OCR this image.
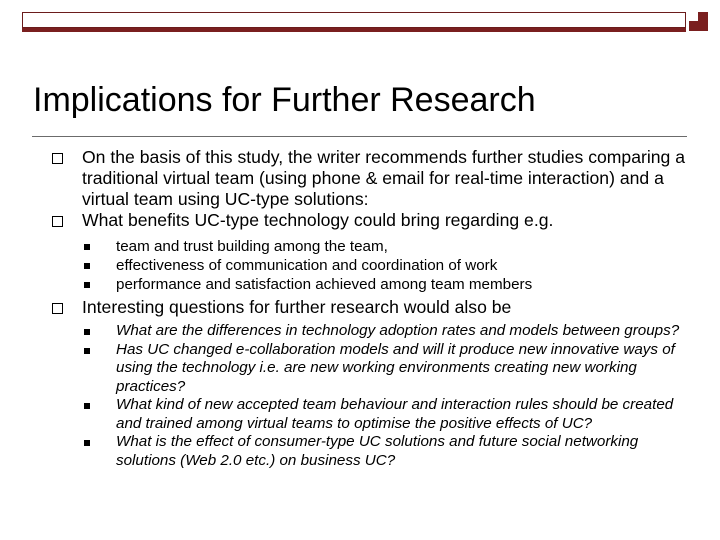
Implications for Further Research
On the basis of this study, the writer recommends further studies comparing a traditional virtual team (using phone & email for real-time interaction) and a virtual team using UC-type solutions:
What benefits UC-type technology could bring regarding e.g.
team and trust building among the team,
effectiveness of communication and coordination of work
performance and satisfaction achieved among team members
Interesting questions for further research would also be
What are the differences in technology adoption rates and models between groups?
Has UC changed e-collaboration models and will it produce new innovative ways of using the technology i.e. are new working environments creating new working practices?
What kind of new accepted team behaviour and interaction rules should be created and trained among virtual teams to optimise the positive effects of UC?
What is the effect of consumer-type UC solutions and future social networking solutions (Web 2.0 etc.) on business UC?
